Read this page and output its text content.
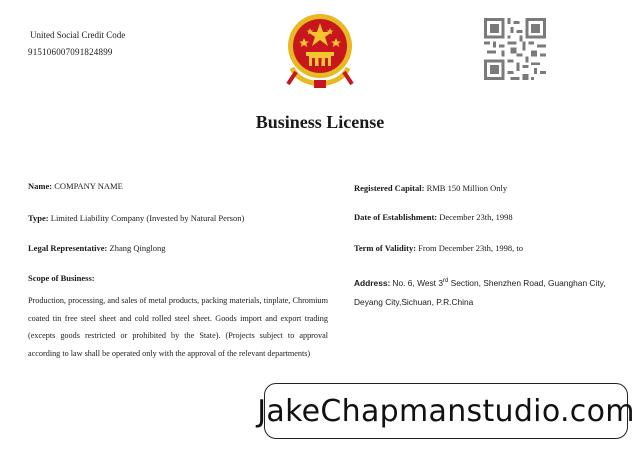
United Social Credit Code
915106007091824899
Business License
Name: COMPANY NAME
Type: Limited Liability Company (Invested by Natural Person)
Legal Representative: Zhang Qinglong
Scope of Business:
Production, processing, and sales of metal products, packing materials, tinplate, Chromium coated tin free steel sheet and cold rolled steel sheet. Goods import and export trading (excepts goods restricted or prohibited by the State). (Projects subject to approval according to law shall be operated only with the approval of the relevant departments)
Registered Capital: RMB 150 Million Only
Date of Establishment: December 23th, 1998
Term of Validity: From December 23th, 1998, to
Address: No. 6, West 3rd Section, Shenzhen Road, Guanghan City,
Deyang City,Sichuan, P.R.China
JakeChapmanstudio.com
